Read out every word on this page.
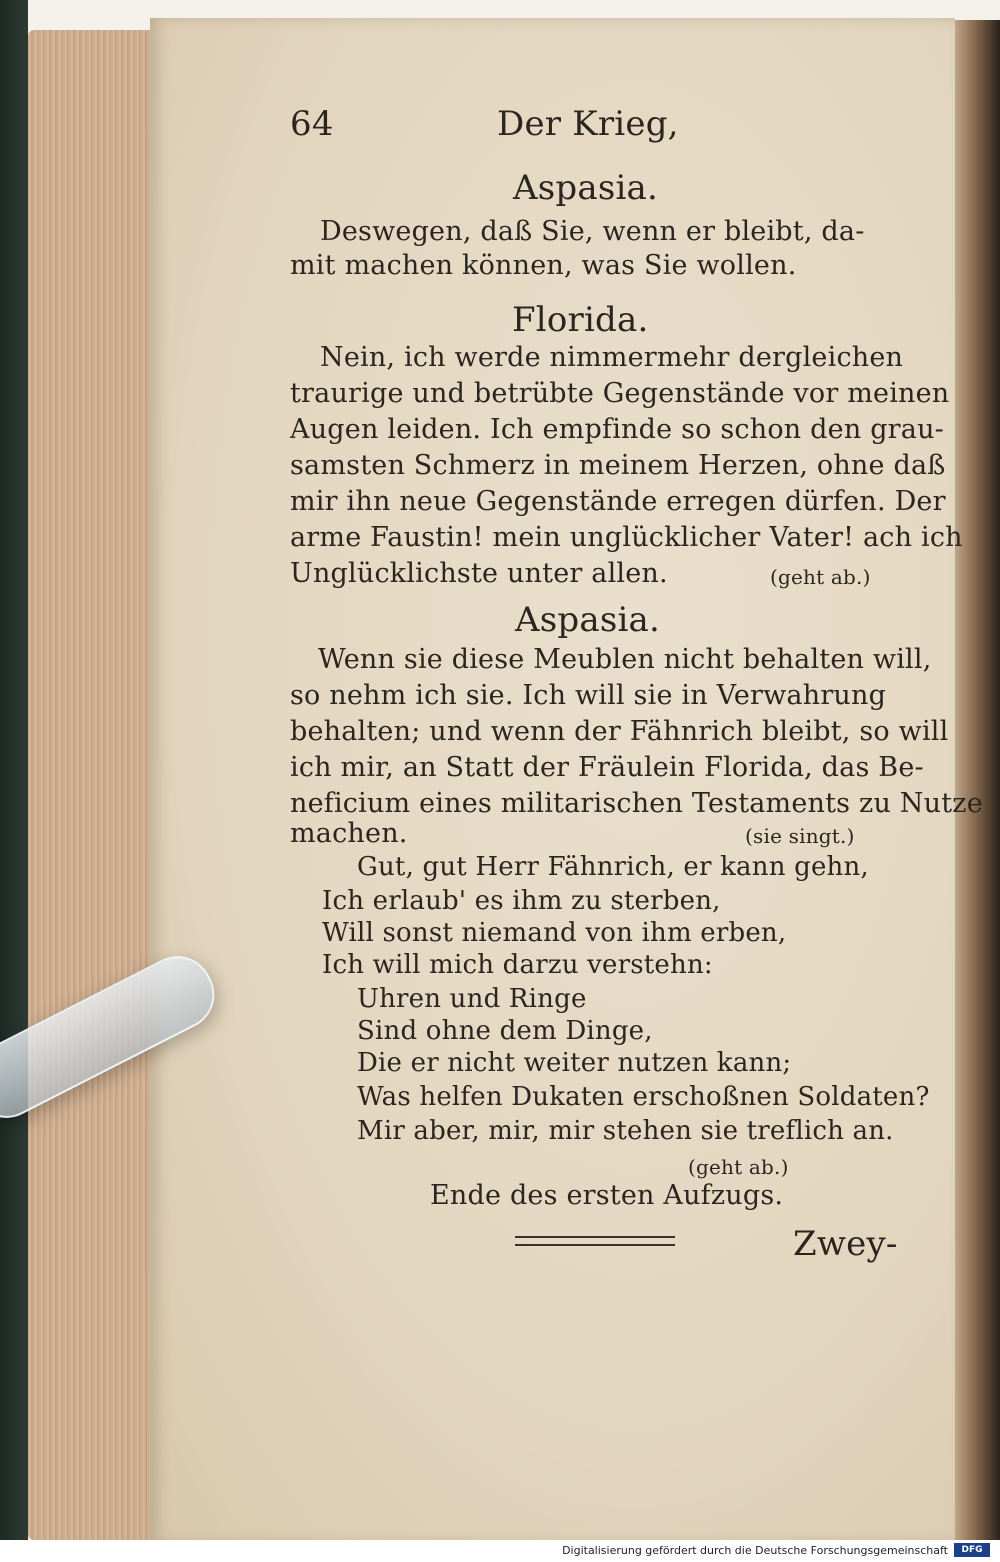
64	Der Krieg,
Aspasia.
Deswegen, daß Sie, wenn er bleibt, da-
mit machen können, was Sie wollen.
Florida.
Nein, ich werde nimmermehr dergleichen
traurige und betrübte Gegenstände vor meinen
Augen leiden. Ich empfinde so schon den grau-
samsten Schmerz in meinem Herzen, ohne daß
mir ihn neue Gegenstände erregen dürfen. Der
arme Faustin! mein unglücklicher Vater! ach ich
Unglücklichste unter allen.	(geht ab.)
Aspasia.
Wenn sie diese Meublen nicht behalten will,
so nehm ich sie. Ich will sie in Verwahrung
behalten; und wenn der Fähnrich bleibt, so will
ich mir, an Statt der Fräulein Florida, das Be-
neficium eines militarischen Testaments zu Nutze
machen.	(sie singt.)
Gut, gut Herr Fähnrich, er kann gehn,
Ich erlaub' es ihm zu sterben,
Will sonst niemand von ihm erben,
Ich will mich darzu verstehn:
Uhren und Ringe
Sind ohne dem Dinge,
Die er nicht weiter nutzen kann;
Was helfen Dukaten erschoßnen Soldaten?
Mir aber, mir, mir stehen sie treflich an.
(geht ab.)
Ende des ersten Aufzugs.
Zwey-
Digitalisierung gefördert durch die Deutsche Forschungsgemeinschaft	DFG
